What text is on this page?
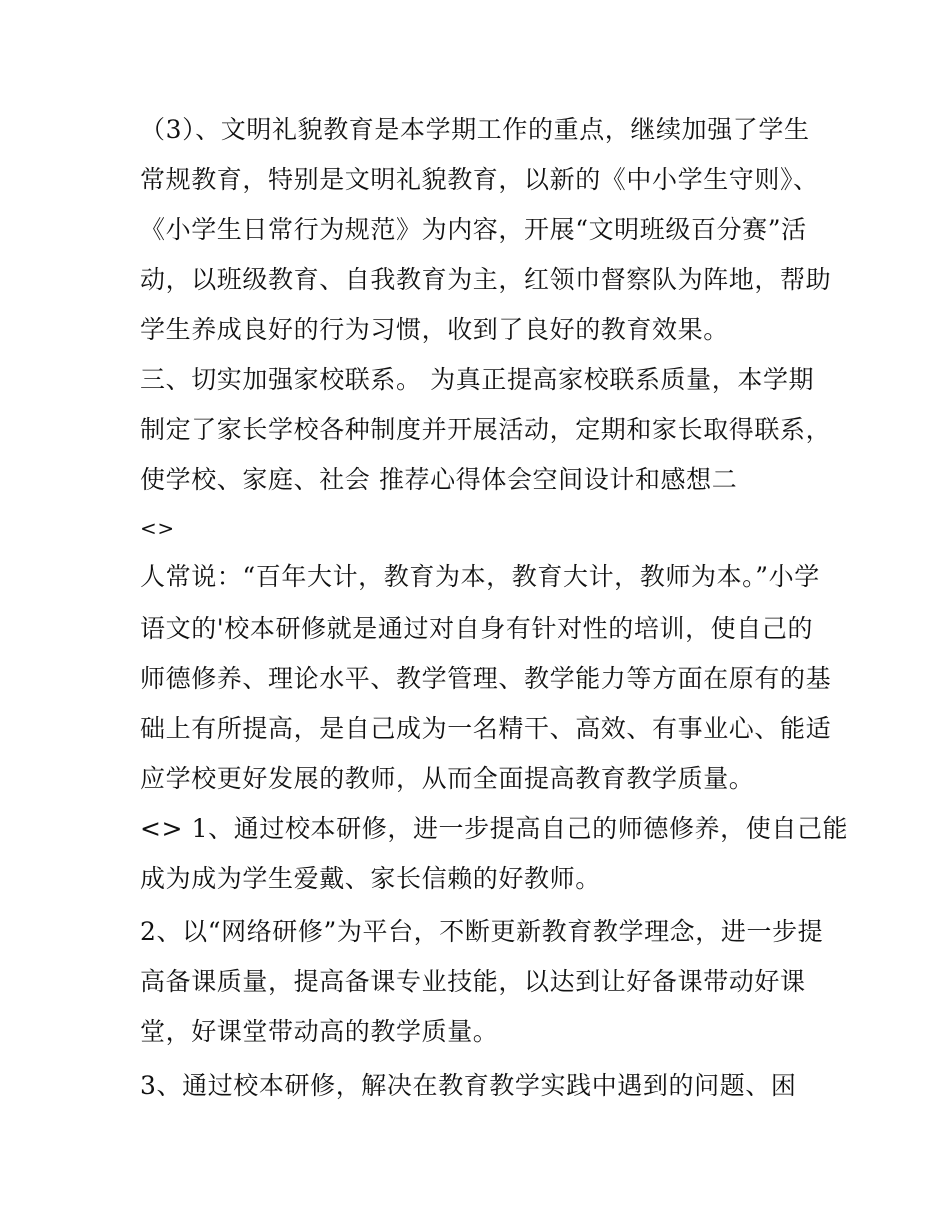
（3）、文明礼貌教育是本学期工作的重点，继续加强了学生
常规教育，特别是文明礼貌教育，以新的《中小学生守则》、
《小学生日常行为规范》为内容，开展“文明班级百分赛”活
动，以班级教育、自我教育为主，红领巾督察队为阵地，帮助
学生养成良好的行为习惯，收到了良好的教育效果。
三、切实加强家校联系。 为真正提高家校联系质量，本学期
制定了家长学校各种制度并开展活动，定期和家长取得联系，
使学校、家庭、社会 推荐心得体会空间设计和感想二
<>
人常说：“百年大计，教育为本，教育大计，教师为本。”小学
语文的'校本研修就是通过对自身有针对性的培训，使自己的
师德修养、理论水平、教学管理、教学能力等方面在原有的基
础上有所提高，是自己成为一名精干、高效、有事业心、能适
应学校更好发展的教师，从而全面提高教育教学质量。
<> 1、通过校本研修，进一步提高自己的师德修养，使自己能
成为成为学生爱戴、家长信赖的好教师。
2、以“网络研修”为平台，不断更新教育教学理念，进一步提
高备课质量，提高备课专业技能，以达到让好备课带动好课
堂，好课堂带动高的教学质量。
3、通过校本研修，解决在教育教学实践中遇到的问题、困
